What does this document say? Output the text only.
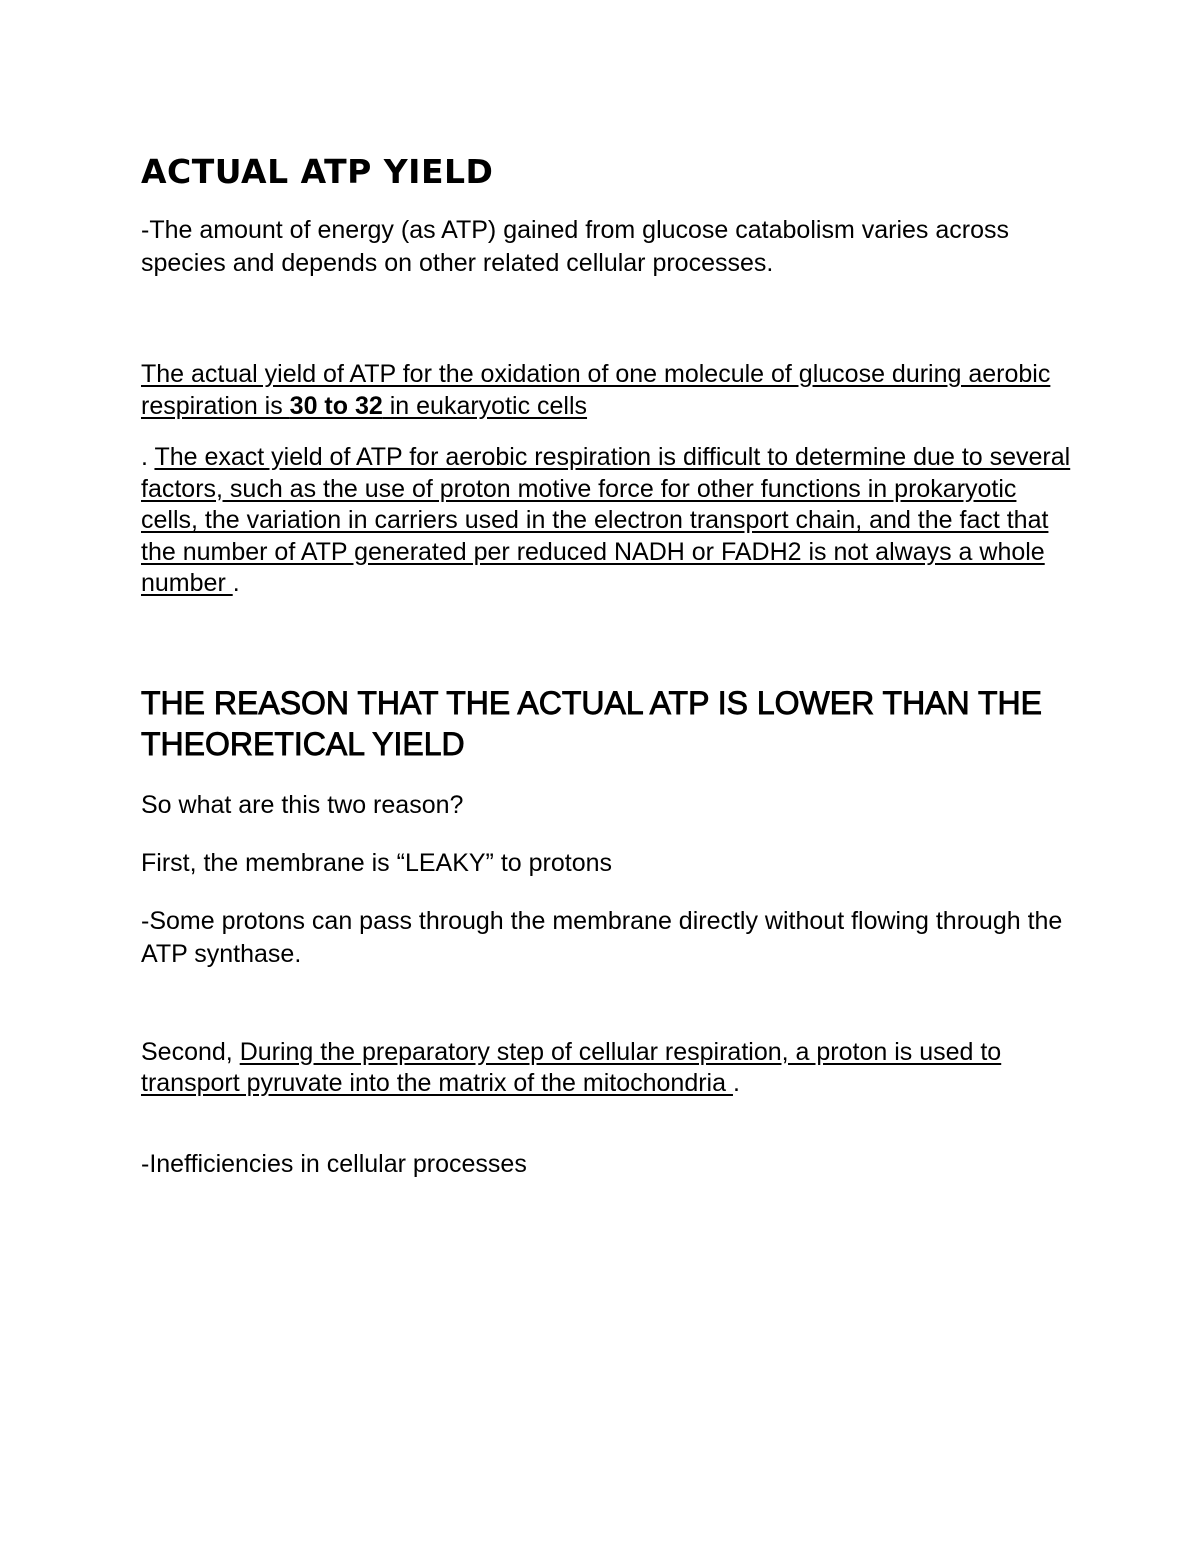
ACTUAL ATP YIELD

-The amount of energy (as ATP) gained from glucose catabolism varies across species and depends on other related cellular processes.

The actual yield of ATP for the oxidation of one molecule of glucose during aerobic respiration is 30 to 32 in eukaryotic cells

. The exact yield of ATP for aerobic respiration is difficult to determine due to several factors, such as the use of proton motive force for other functions in prokaryotic cells, the variation in carriers used in the electron transport chain, and the fact that the number of ATP generated per reduced NADH or FADH2 is not always a whole number .

THE REASON THAT THE ACTUAL ATP IS LOWER THAN THE THEORETICAL YIELD

So what are this two reason?

First, the membrane is “LEAKY” to protons

-Some protons can pass through the membrane directly without flowing through the ATP synthase.

Second, During the preparatory step of cellular respiration, a proton is used to transport pyruvate into the matrix of the mitochondria .

-Inefficiencies in cellular processes
